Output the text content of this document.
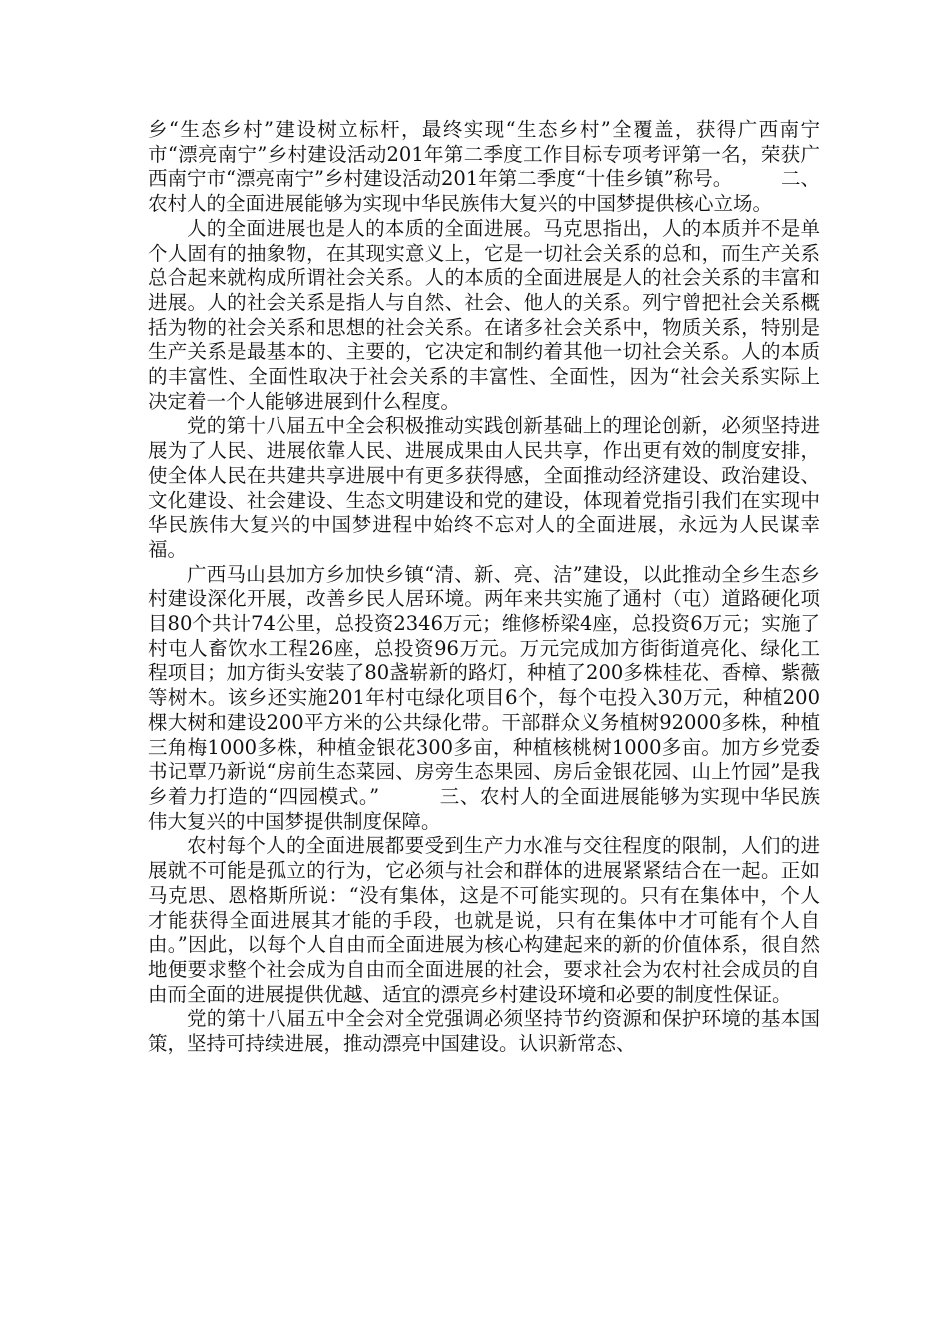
乡“生态乡村”建设树立标杆，最终实现“生态乡村”全覆盖，获得广西南宁市“漂亮南宁”乡村建设活动201年第二季度工作目标专项考评第一名，荣获广西南宁市“漂亮南宁”乡村建设活动201年第二季度“十佳乡镇”称号。　　　二、农村人的全面进展能够为实现中华民族伟大复兴的中国梦提供核心立场。

人的全面进展也是人的本质的全面进展。马克思指出，人的本质并不是单个人固有的抽象物，在其现实意义上，它是一切社会关系的总和，而生产关系总合起来就构成所谓社会关系。人的本质的全面进展是人的社会关系的丰富和进展。人的社会关系是指人与自然、社会、他人的关系。列宁曾把社会关系概括为物的社会关系和思想的社会关系。在诸多社会关系中，物质关系，特别是生产关系是最基本的、主要的，它决定和制约着其他一切社会关系。人的本质的丰富性、全面性取决于社会关系的丰富性、全面性，因为“社会关系实际上决定着一个人能够进展到什么程度。

党的第十八届五中全会积极推动实践创新基础上的理论创新，必须坚持进展为了人民、进展依靠人民、进展成果由人民共享，作出更有效的制度安排，使全体人民在共建共享进展中有更多获得感，全面推动经济建设、政治建设、文化建设、社会建设、生态文明建设和党的建设，体现着党指引我们在实现中华民族伟大复兴的中国梦进程中始终不忘对人的全面进展，永远为人民谋幸福。

广西马山县加方乡加快乡镇“清、新、亮、洁”建设，以此推动全乡生态乡村建设深化开展，改善乡民人居环境。两年来共实施了通村（屯）道路硬化项目80个共计74公里，总投资2346万元；维修桥梁4座，总投资6万元；实施了村屯人畜饮水工程26座，总投资96万元。万元完成加方街街道亮化、绿化工程项目；加方街头安装了80盏崭新的路灯，种植了200多株桂花、香樟、紫薇等树木。该乡还实施201年村屯绿化项目6个，每个屯投入30万元，种植200棵大树和建设200平方米的公共绿化带。干部群众义务植树92000多株，种植三角梅1000多株，种植金银花300多亩，种植核桃树1000多亩。加方乡党委书记覃乃新说“房前生态菜园、房旁生态果园、房后金银花园、山上竹园”是我乡着力打造的“四园模式。”　　　三、农村人的全面进展能够为实现中华民族伟大复兴的中国梦提供制度保障。

农村每个人的全面进展都要受到生产力水准与交往程度的限制，人们的进展就不可能是孤立的行为，它必须与社会和群体的进展紧紧结合在一起。正如马克思、恩格斯所说：“没有集体，这是不可能实现的。只有在集体中，个人才能获得全面进展其才能的手段，也就是说，只有在集体中才可能有个人自由。”因此，以每个人自由而全面进展为核心构建起来的新的价值体系，很自然地便要求整个社会成为自由而全面进展的社会，要求社会为农村社会成员的自由而全面的进展提供优越、适宜的漂亮乡村建设环境和必要的制度性保证。

党的第十八届五中全会对全党强调必须坚持节约资源和保护环境的基本国策，坚持可持续进展，推动漂亮中国建设。认识新常态、
